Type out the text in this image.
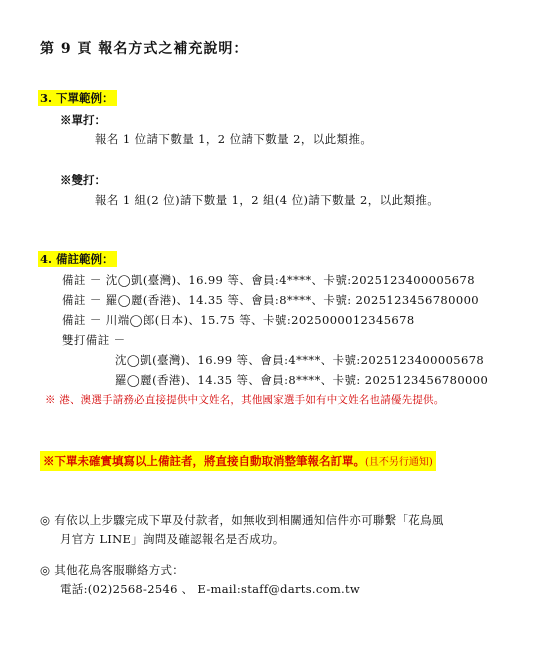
第 9 頁 報名方式之補充說明：
3. 下單範例：
※單打：
報名 1 位請下數量 1，2 位請下數量 2，以此類推。
※雙打：
報名 1 組(2 位)請下數量 1，2 組(4 位)請下數量 2，以此類推。
4. 備註範例：
備註 － 沈◯凱(臺灣)、16.99 等、會員:4****、卡號:2025123400005678
備註 － 羅◯麗(香港)、14.35 等、會員:8****、卡號: 2025123456780000
備註 － 川端◯郎(日本)、15.75 等、卡號:2025000012345678
雙打備註 －
沈◯凱(臺灣)、16.99 等、會員:4****、卡號:2025123400005678
羅◯麗(香港)、14.35 等、會員:8****、卡號: 2025123456780000
※ 港、澳選手請務必直接提供中文姓名，其他國家選手如有中文姓名也請優先提供。
※下單未確實填寫以上備註者，將直接自動取消整筆報名訂單。(且不另行通知)
◎ 有依以上步驟完成下單及付款者，如無收到相關通知信件亦可聯繫「花鳥風
月官方 LINE」詢問及確認報名是否成功。
◎ 其他花鳥客服聯絡方式：
電話:(02)2568-2546 、 E-mail:staff@darts.com.tw
